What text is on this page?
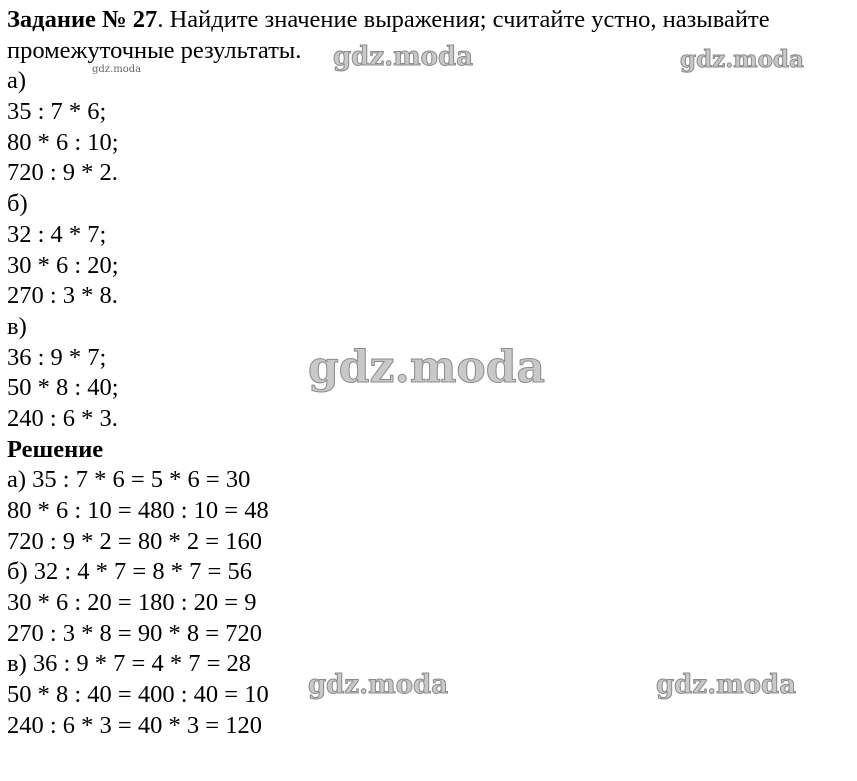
Задание № 27. Найдите значение выражения; считайте устно, называйте
промежуточные результаты.
а)
35 : 7 * 6;
80 * 6 : 10;
720 : 9 * 2.
б)
32 : 4 * 7;
30 * 6 : 20;
270 : 3 * 8.
в)
36 : 9 * 7;
50 * 8 : 40;
240 : 6 * 3.
Решение
а) 35 : 7 * 6 = 5 * 6 = 30
80 * 6 : 10 = 480 : 10 = 48
720 : 9 * 2 = 80 * 2 = 160
б) 32 : 4 * 7 = 8 * 7 = 56
30 * 6 : 20 = 180 : 20 = 9
270 : 3 * 8 = 90 * 8 = 720
в) 36 : 9 * 7 = 4 * 7 = 28
50 * 8 : 40 = 400 : 40 = 10
240 : 6 * 3 = 40 * 3 = 120
gdz.moda	gdz.moda
gdz.moda
gdz.moda
gdz.moda	gdz.moda
